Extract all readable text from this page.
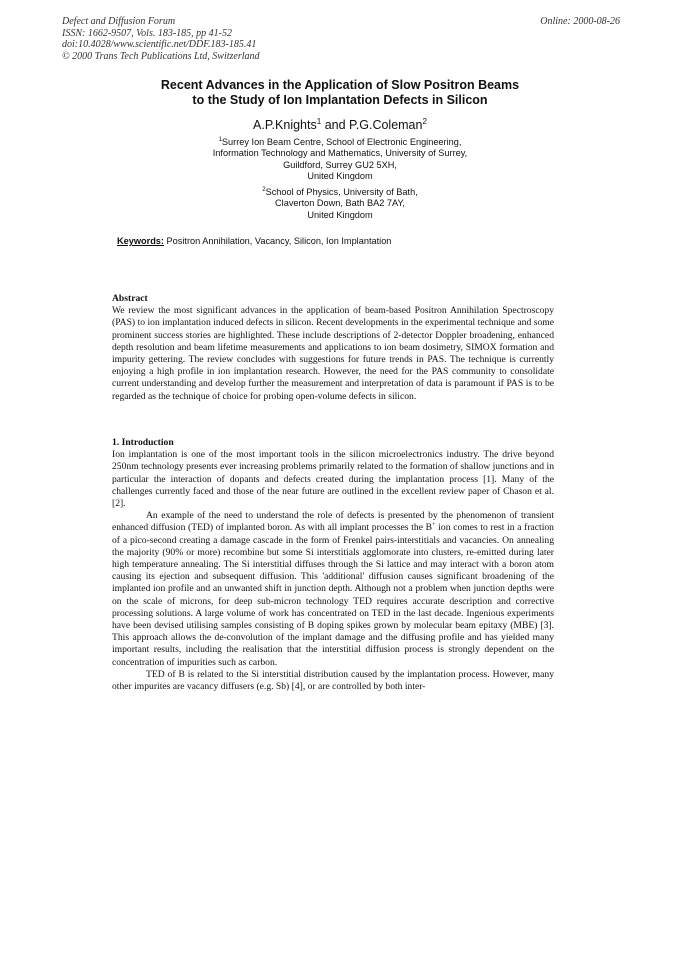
Defect and Diffusion Forum
ISSN: 1662-9507, Vols. 183-185, pp 41-52
doi:10.4028/www.scientific.net/DDF.183-185.41
© 2000 Trans Tech Publications Ltd, Switzerland
Online: 2000-08-26
Recent Advances in the Application of Slow Positron Beams
to the Study of Ion Implantation Defects in Silicon
A.P.Knights$^1$ and P.G.Coleman$^2$
$^1$Surrey Ion Beam Centre, School of Electronic Engineering,
Information Technology and Mathematics, University of Surrey,
Guildford, Surrey GU2 5XH,
United Kingdom
$^2$School of Physics, University of Bath,
Claverton Down, Bath BA2 7AY,
United Kingdom
Keywords: Positron Annihilation, Vacancy, Silicon, Ion Implantation

Abstract

We review the most significant advances in the application of beam-based Positron Annihilation Spectroscopy (PAS) to ion implantation induced defects in silicon. Recent developments in the experimental technique and some prominent success stories are highlighted. These include descriptions of 2-detector Doppler broadening, enhanced depth resolution and beam lifetime measurements and applications to ion beam dosimetry, SIMOX formation and impurity gettering. The review concludes with suggestions for future trends in PAS. The technique is currently enjoying a high profile in ion implantation research. However, the need for the PAS community to consolidate current understanding and develop further the measurement and interpretation of data is paramount if PAS is to be regarded as the technique of choice for probing open-volume defects in silicon.

1. Introduction

Ion implantation is one of the most important tools in the silicon microelectronics industry. The drive beyond 250nm technology presents ever increasing problems primarily related to the formation of shallow junctions and in particular the interaction of dopants and defects created during the implantation process [1]. Many of the challenges currently faced and those of the near future are outlined in the excellent review paper of Chason et al. [2].

An example of the need to understand the role of defects is presented by the phenomenon of transient enhanced diffusion (TED) of implanted boron. As with all implant processes the B+ ion comes to rest in a fraction of a pico-second creating a damage cascade in the form of Frenkel pairs-interstitials and vacancies. On annealing the majority (90% or more) recombine but some Si interstitials agglomorate into clusters, re-emitted during later high temperature annealing. The Si interstitial diffuses through the Si lattice and may interact with a boron atom causing its ejection and subsequent diffusion. This 'additional' diffusion causes significant broadening of the implanted ion profile and an unwanted shift in junction depth. Although not a problem when junction depths were on the scale of microns, for deep sub-micron technology TED requires accurate description and corrective processing solutions. A large volume of work has concentrated on TED in the last decade. Ingenious experiments have been devised utilising samples consisting of B doping spikes grown by molecular beam epitaxy (MBE) [3]. This approach allows the de-convolution of the implant damage and the diffusing profile and has yielded many important results, including the realisation that the interstitial diffusion process is strongly dependent on the concentration of impurities such as carbon.

TED of B is related to the Si interstitial distribution caused by the implantation process. However, many other impurites are vacancy diffusers (e.g. Sb) [4], or are controlled by both inter-
